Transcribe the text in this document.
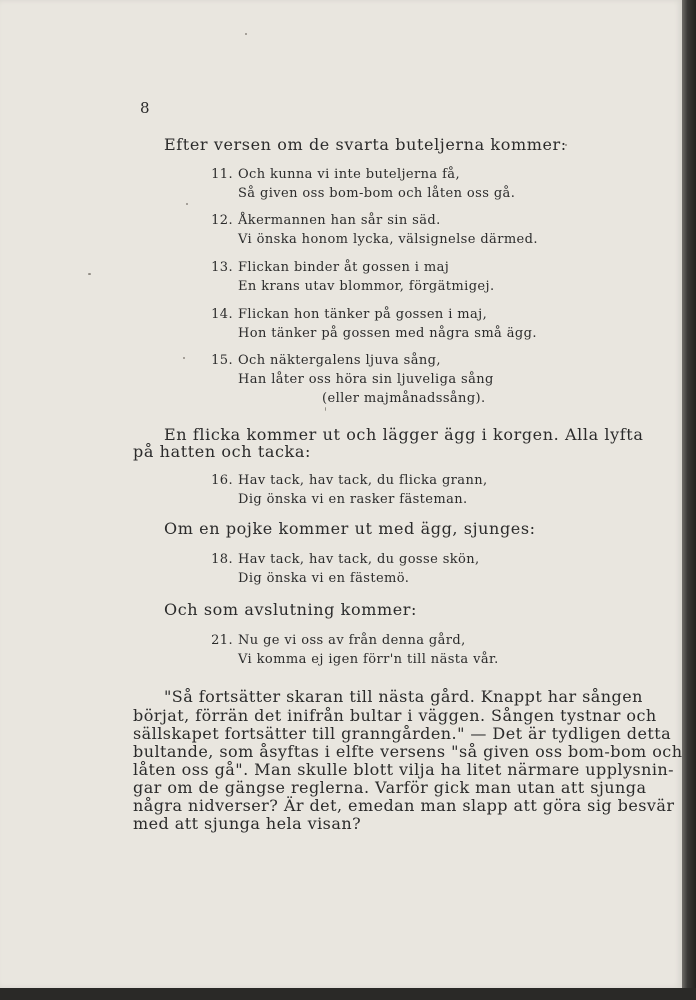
8
Efter versen om de svarta buteljerna kommer:
11. Och kunna vi inte buteljerna få,
Så given oss bom-bom och låten oss gå.
12. Åkermannen han sår sin säd.
Vi önska honom lycka, välsignelse därmed.
13. Flickan binder åt gossen i maj
En krans utav blommor, förgätmigej.
14. Flickan hon tänker på gossen i maj,
Hon tänker på gossen med några små ägg.
15. Och näktergalens ljuva sång,
Han låter oss höra sin ljuveliga sång
(eller majmånadssång).
En flicka kommer ut och lägger ägg i korgen. Alla lyfta
på hatten och tacka:
16. Hav tack, hav tack, du flicka grann,
Dig önska vi en rasker fästeman.
Om en pojke kommer ut med ägg, sjunges:
18. Hav tack, hav tack, du gosse skön,
Dig önska vi en fästemö.
Och som avslutning kommer:
21. Nu ge vi oss av från denna gård,
Vi komma ej igen förr'n till nästa vår.
"Så fortsätter skaran till nästa gård. Knappt har sången
börjat, förrän det inifrån bultar i väggen. Sången tystnar och
sällskapet fortsätter till granngården." — Det är tydligen detta
bultande, som åsyftas i elfte versens "så given oss bom-bom och
låten oss gå". Man skulle blott vilja ha litet närmare upplysnin-
gar om de gängse reglerna. Varför gick man utan att sjunga
några nidverser? Är det, emedan man slapp att göra sig besvär
med att sjunga hela visan?
